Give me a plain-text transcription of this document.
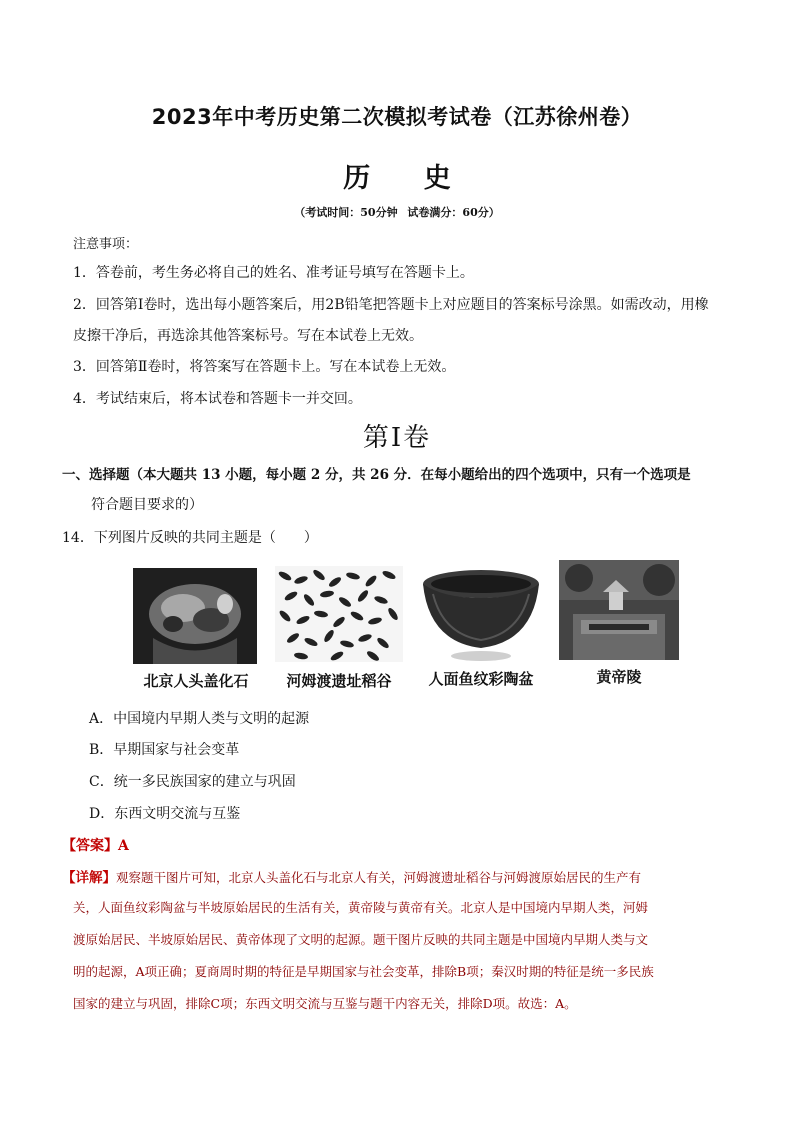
2023年中考历史第二次模拟考试卷（江苏徐州卷）
历 史
（考试时间：50分钟 试卷满分：60分）
注意事项：
1．答卷前，考生务必将自己的姓名、准考证号填写在答题卡上。
2．回答第Ⅰ卷时，选出每小题答案后，用2B铅笔把答题卡上对应题目的答案标号涂黑。如需改动，用橡
皮擦干净后，再选涂其他答案标号。写在本试卷上无效。
3．回答第Ⅱ卷时，将答案写在答题卡上。写在本试卷上无效。
4．考试结束后，将本试卷和答题卡一并交回。
第Ⅰ卷
一、选择题（本大题共 13 小题，每小题 2 分，共 26 分．在每小题给出的四个选项中，只有一个选项是
符合题目要求的）
14．下列图片反映的共同主题是（　　）
北京人头盖化石	河姆渡遗址稻谷	人面鱼纹彩陶盆	黄帝陵
A．中国境内早期人类与文明的起源
B．早期国家与社会变革
C．统一多民族国家的建立与巩固
D．东西文明交流与互鉴
【答案】A
【详解】观察题干图片可知，北京人头盖化石与北京人有关，河姆渡遗址稻谷与河姆渡原始居民的生产有
关，人面鱼纹彩陶盆与半坡原始居民的生活有关，黄帝陵与黄帝有关。北京人是中国境内早期人类，河姆
渡原始居民、半坡原始居民、黄帝体现了文明的起源。题干图片反映的共同主题是中国境内早期人类与文
明的起源，A项正确；夏商周时期的特征是早期国家与社会变革，排除B项；秦汉时期的特征是统一多民族
国家的建立与巩固，排除C项；东西文明交流与互鉴与题干内容无关，排除D项。故选：A。
